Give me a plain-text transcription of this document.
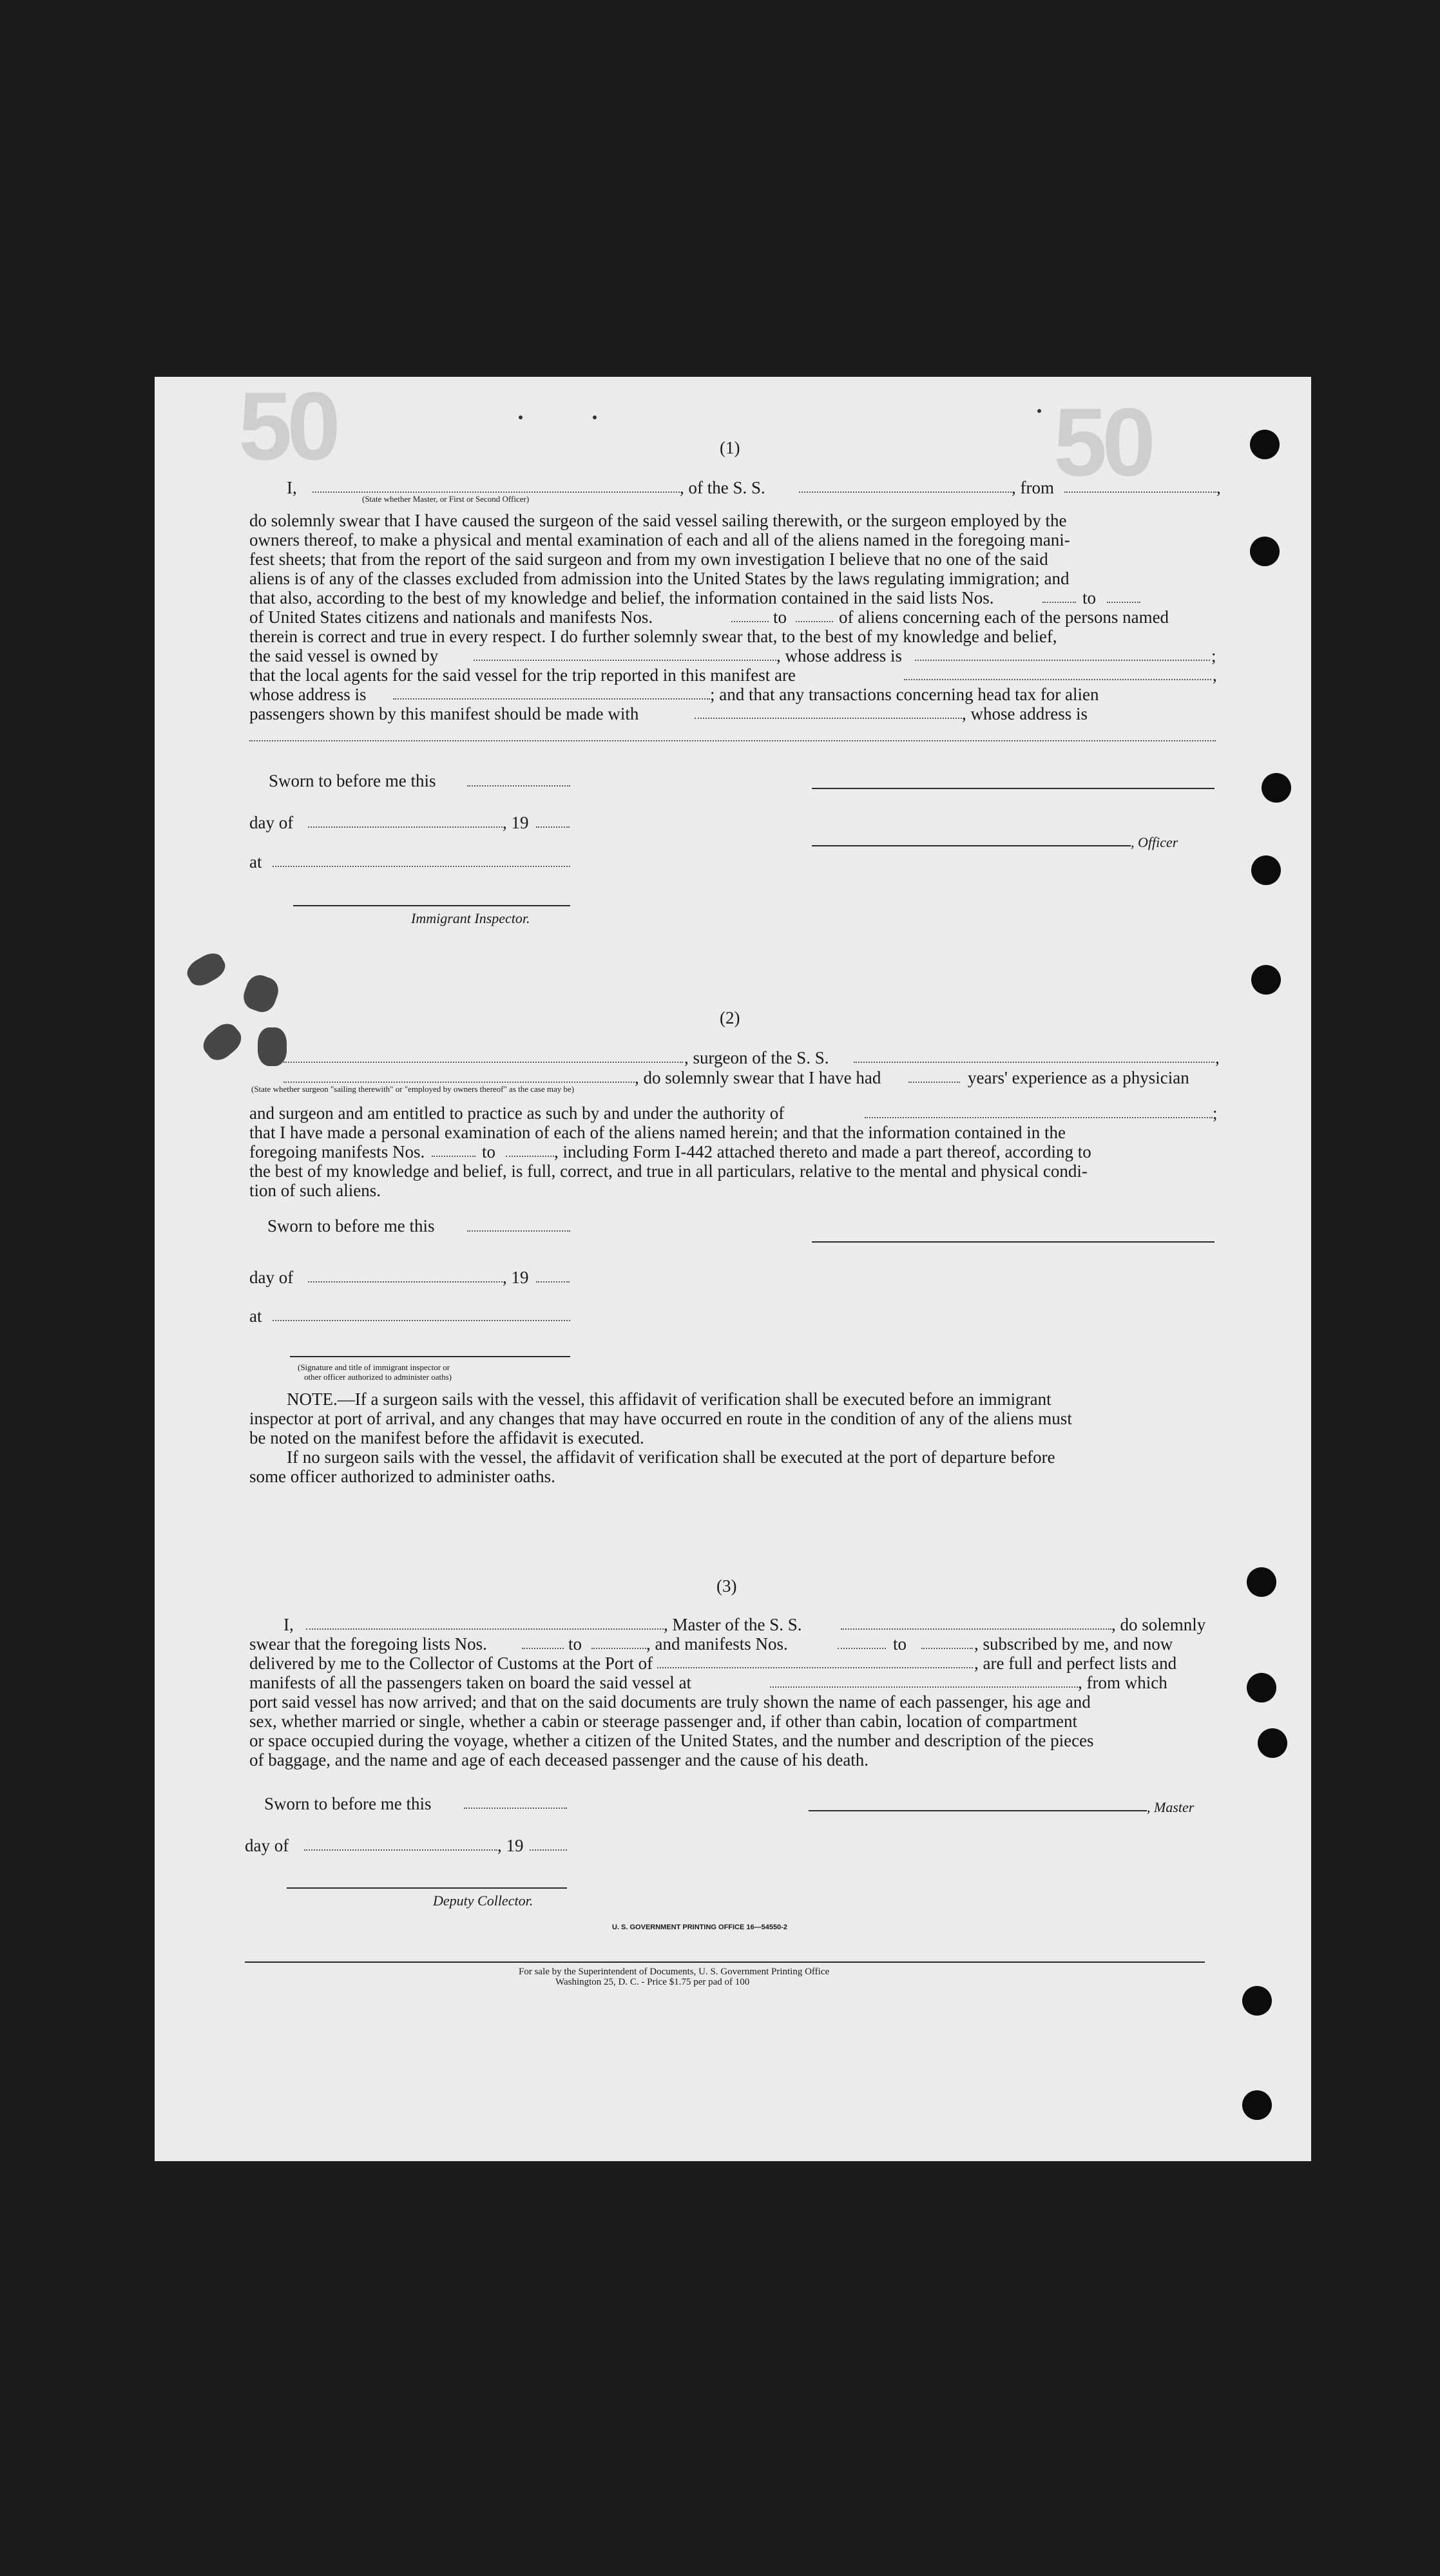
50	50
(1)
I,
(State whether Master, or First or Second Officer)
, of the S. S.	, from	,
do solemnly swear that I have caused the surgeon of the said vessel sailing therewith, or the surgeon employed by the
owners thereof, to make a physical and mental examination of each and all of the aliens named in the foregoing mani-
fest sheets; that from the report of the said surgeon and from my own investigation I believe that no one of the said
aliens is of any of the classes excluded from admission into the United States by the laws regulating immigration; and
that also, according to the best of my knowledge and belief, the information contained in the said lists Nos.	to
of United States citizens and nationals and manifests Nos.	to	of aliens concerning each of the persons named
therein is correct and true in every respect. I do further solemnly swear that, to the best of my knowledge and belief,
the said vessel is owned by	, whose address is	;
that the local agents for the said vessel for the trip reported in this manifest are	,
whose address is	; and that any transactions concerning head tax for alien
passengers shown by this manifest should be made with	, whose address is
Sworn to before me this
day of	, 19
, Officer
at
Immigrant Inspector.
(2)
, surgeon of the S. S.	,
, do solemnly swear that I have had	years' experience as a physician
(State whether surgeon "sailing therewith" or "employed by owners thereof" as the case may be)
and surgeon and am entitled to practice as such by and under the authority of	;
that I have made a personal examination of each of the aliens named herein; and that the information contained in the
foregoing manifests Nos.	to	, including Form I-442 attached thereto and made a part thereof, according to
the best of my knowledge and belief, is full, correct, and true in all particulars, relative to the mental and physical condi-
tion of such aliens.
Sworn to before me this
day of	, 19
at
(Signature and title of immigrant inspector or
other officer authorized to administer oaths)
NOTE.—If a surgeon sails with the vessel, this affidavit of verification shall be executed before an immigrant
inspector at port of arrival, and any changes that may have occurred en route in the condition of any of the aliens must
be noted on the manifest before the affidavit is executed.
If no surgeon sails with the vessel, the affidavit of verification shall be executed at the port of departure before
some officer authorized to administer oaths.
(3)
I,	, Master of the S. S.	, do solemnly
swear that the foregoing lists Nos.	to	, and manifests Nos.	to	, subscribed by me, and now
delivered by me to the Collector of Customs at the Port of	, are full and perfect lists and
manifests of all the passengers taken on board the said vessel at	, from which
port said vessel has now arrived; and that on the said documents are truly shown the name of each passenger, his age and
sex, whether married or single, whether a cabin or steerage passenger and, if other than cabin, location of compartment
or space occupied during the voyage, whether a citizen of the United States, and the number and description of the pieces
of baggage, and the name and age of each deceased passenger and the cause of his death.
Sworn to before me this	, Master
day of	, 19
Deputy Collector.
U. S. GOVERNMENT PRINTING OFFICE 16—54550-2
For sale by the Superintendent of Documents, U. S. Government Printing Office
Washington 25, D. C. - Price $1.75 per pad of 100
